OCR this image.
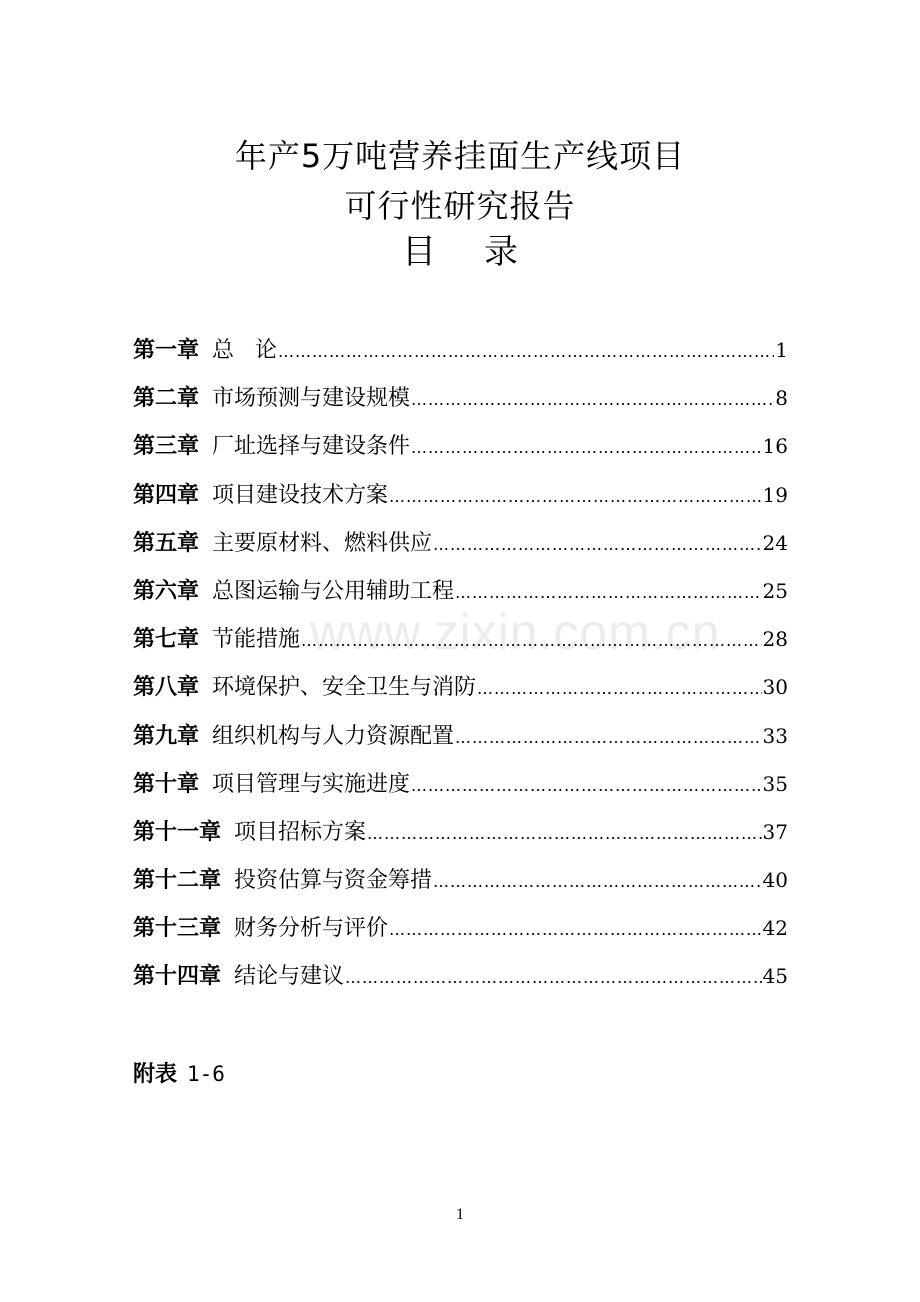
年产5万吨营养挂面生产线项目
可行性研究报告
目 录
www.zixin.com.cn
第一章 总   论 …………………………………………………………………………………………………………………………	1
第二章 市场预测与建设规模 …………………………………………………………………………………………………………………………	8
第三章 厂址选择与建设条件 …………………………………………………………………………………………………………………………	16
第四章 项目建设技术方案 …………………………………………………………………………………………………………………………	19
第五章 主要原材料、燃料供应 …………………………………………………………………………………………………………………………	24
第六章 总图运输与公用辅助工程 …………………………………………………………………………………………………………………………	25
第七章 节能措施 …………………………………………………………………………………………………………………………	28
第八章 环境保护、安全卫生与消防 …………………………………………………………………………………………………………………………	30
第九章 组织机构与人力资源配置 …………………………………………………………………………………………………………………………	33
第十章 项目管理与实施进度 …………………………………………………………………………………………………………………………	35
第十一章 项目招标方案 …………………………………………………………………………………………………………………………	37
第十二章 投资估算与资金筹措 …………………………………………………………………………………………………………………………	40
第十三章 财务分析与评价 …………………………………………………………………………………………………………………………	42
第十四章 结论与建议 …………………………………………………………………………………………………………………………	45
附表 1-6
1
